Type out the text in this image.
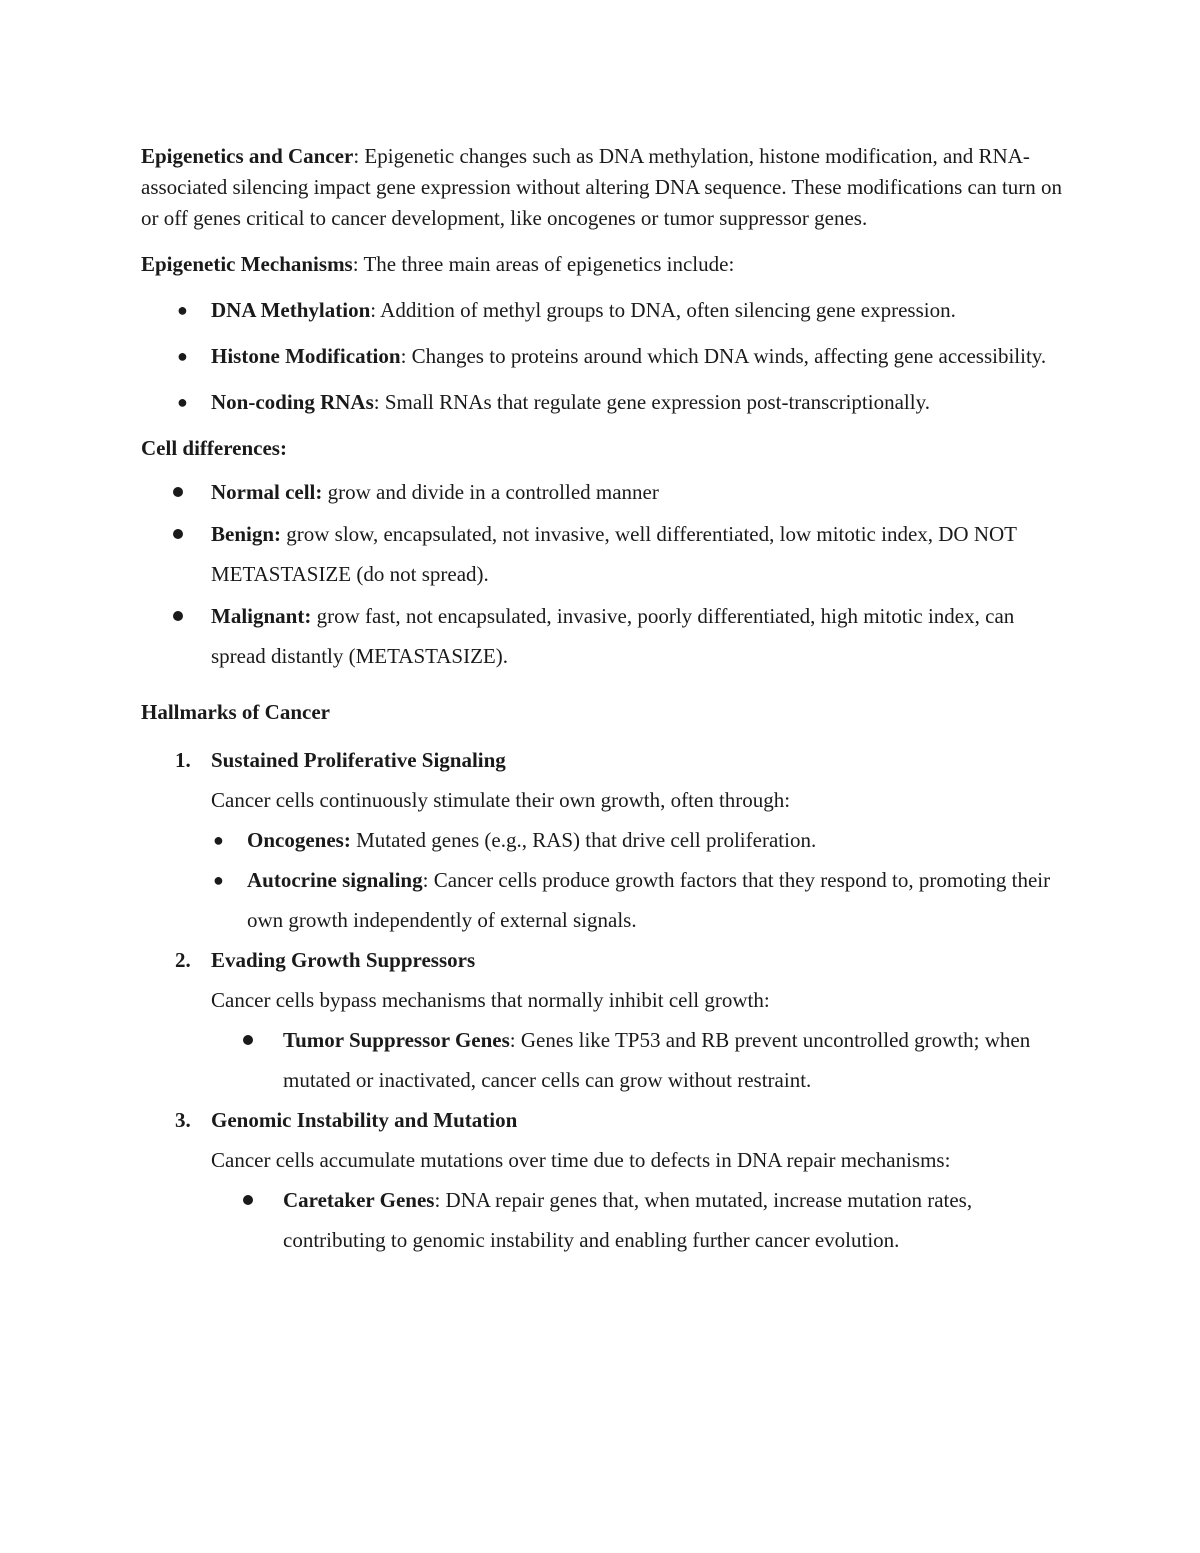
Epigenetics and Cancer: Epigenetic changes such as DNA methylation, histone modification, and RNA-associated silencing impact gene expression without altering DNA sequence. These modifications can turn on or off genes critical to cancer development, like oncogenes or tumor suppressor genes.

Epigenetic Mechanisms: The three main areas of epigenetics include:

● DNA Methylation: Addition of methyl groups to DNA, often silencing gene expression.
● Histone Modification: Changes to proteins around which DNA winds, affecting gene accessibility.
● Non-coding RNAs: Small RNAs that regulate gene expression post-transcriptionally.

Cell differences:

Normal cell: grow and divide in a controlled manner
Benign: grow slow, encapsulated, not invasive, well differentiated, low mitotic index, DO NOT METASTASIZE (do not spread).
Malignant: grow fast, not encapsulated, invasive, poorly differentiated, high mitotic index, can spread distantly (METASTASIZE).

Hallmarks of Cancer

1. Sustained Proliferative Signaling
Cancer cells continuously stimulate their own growth, often through:
● Oncogenes: Mutated genes (e.g., RAS) that drive cell proliferation.
● Autocrine signaling: Cancer cells produce growth factors that they respond to, promoting their own growth independently of external signals.
2. Evading Growth Suppressors
Cancer cells bypass mechanisms that normally inhibit cell growth:
Tumor Suppressor Genes: Genes like TP53 and RB prevent uncontrolled growth; when mutated or inactivated, cancer cells can grow without restraint.
3. Genomic Instability and Mutation
Cancer cells accumulate mutations over time due to defects in DNA repair mechanisms:
Caretaker Genes: DNA repair genes that, when mutated, increase mutation rates, contributing to genomic instability and enabling further cancer evolution.
